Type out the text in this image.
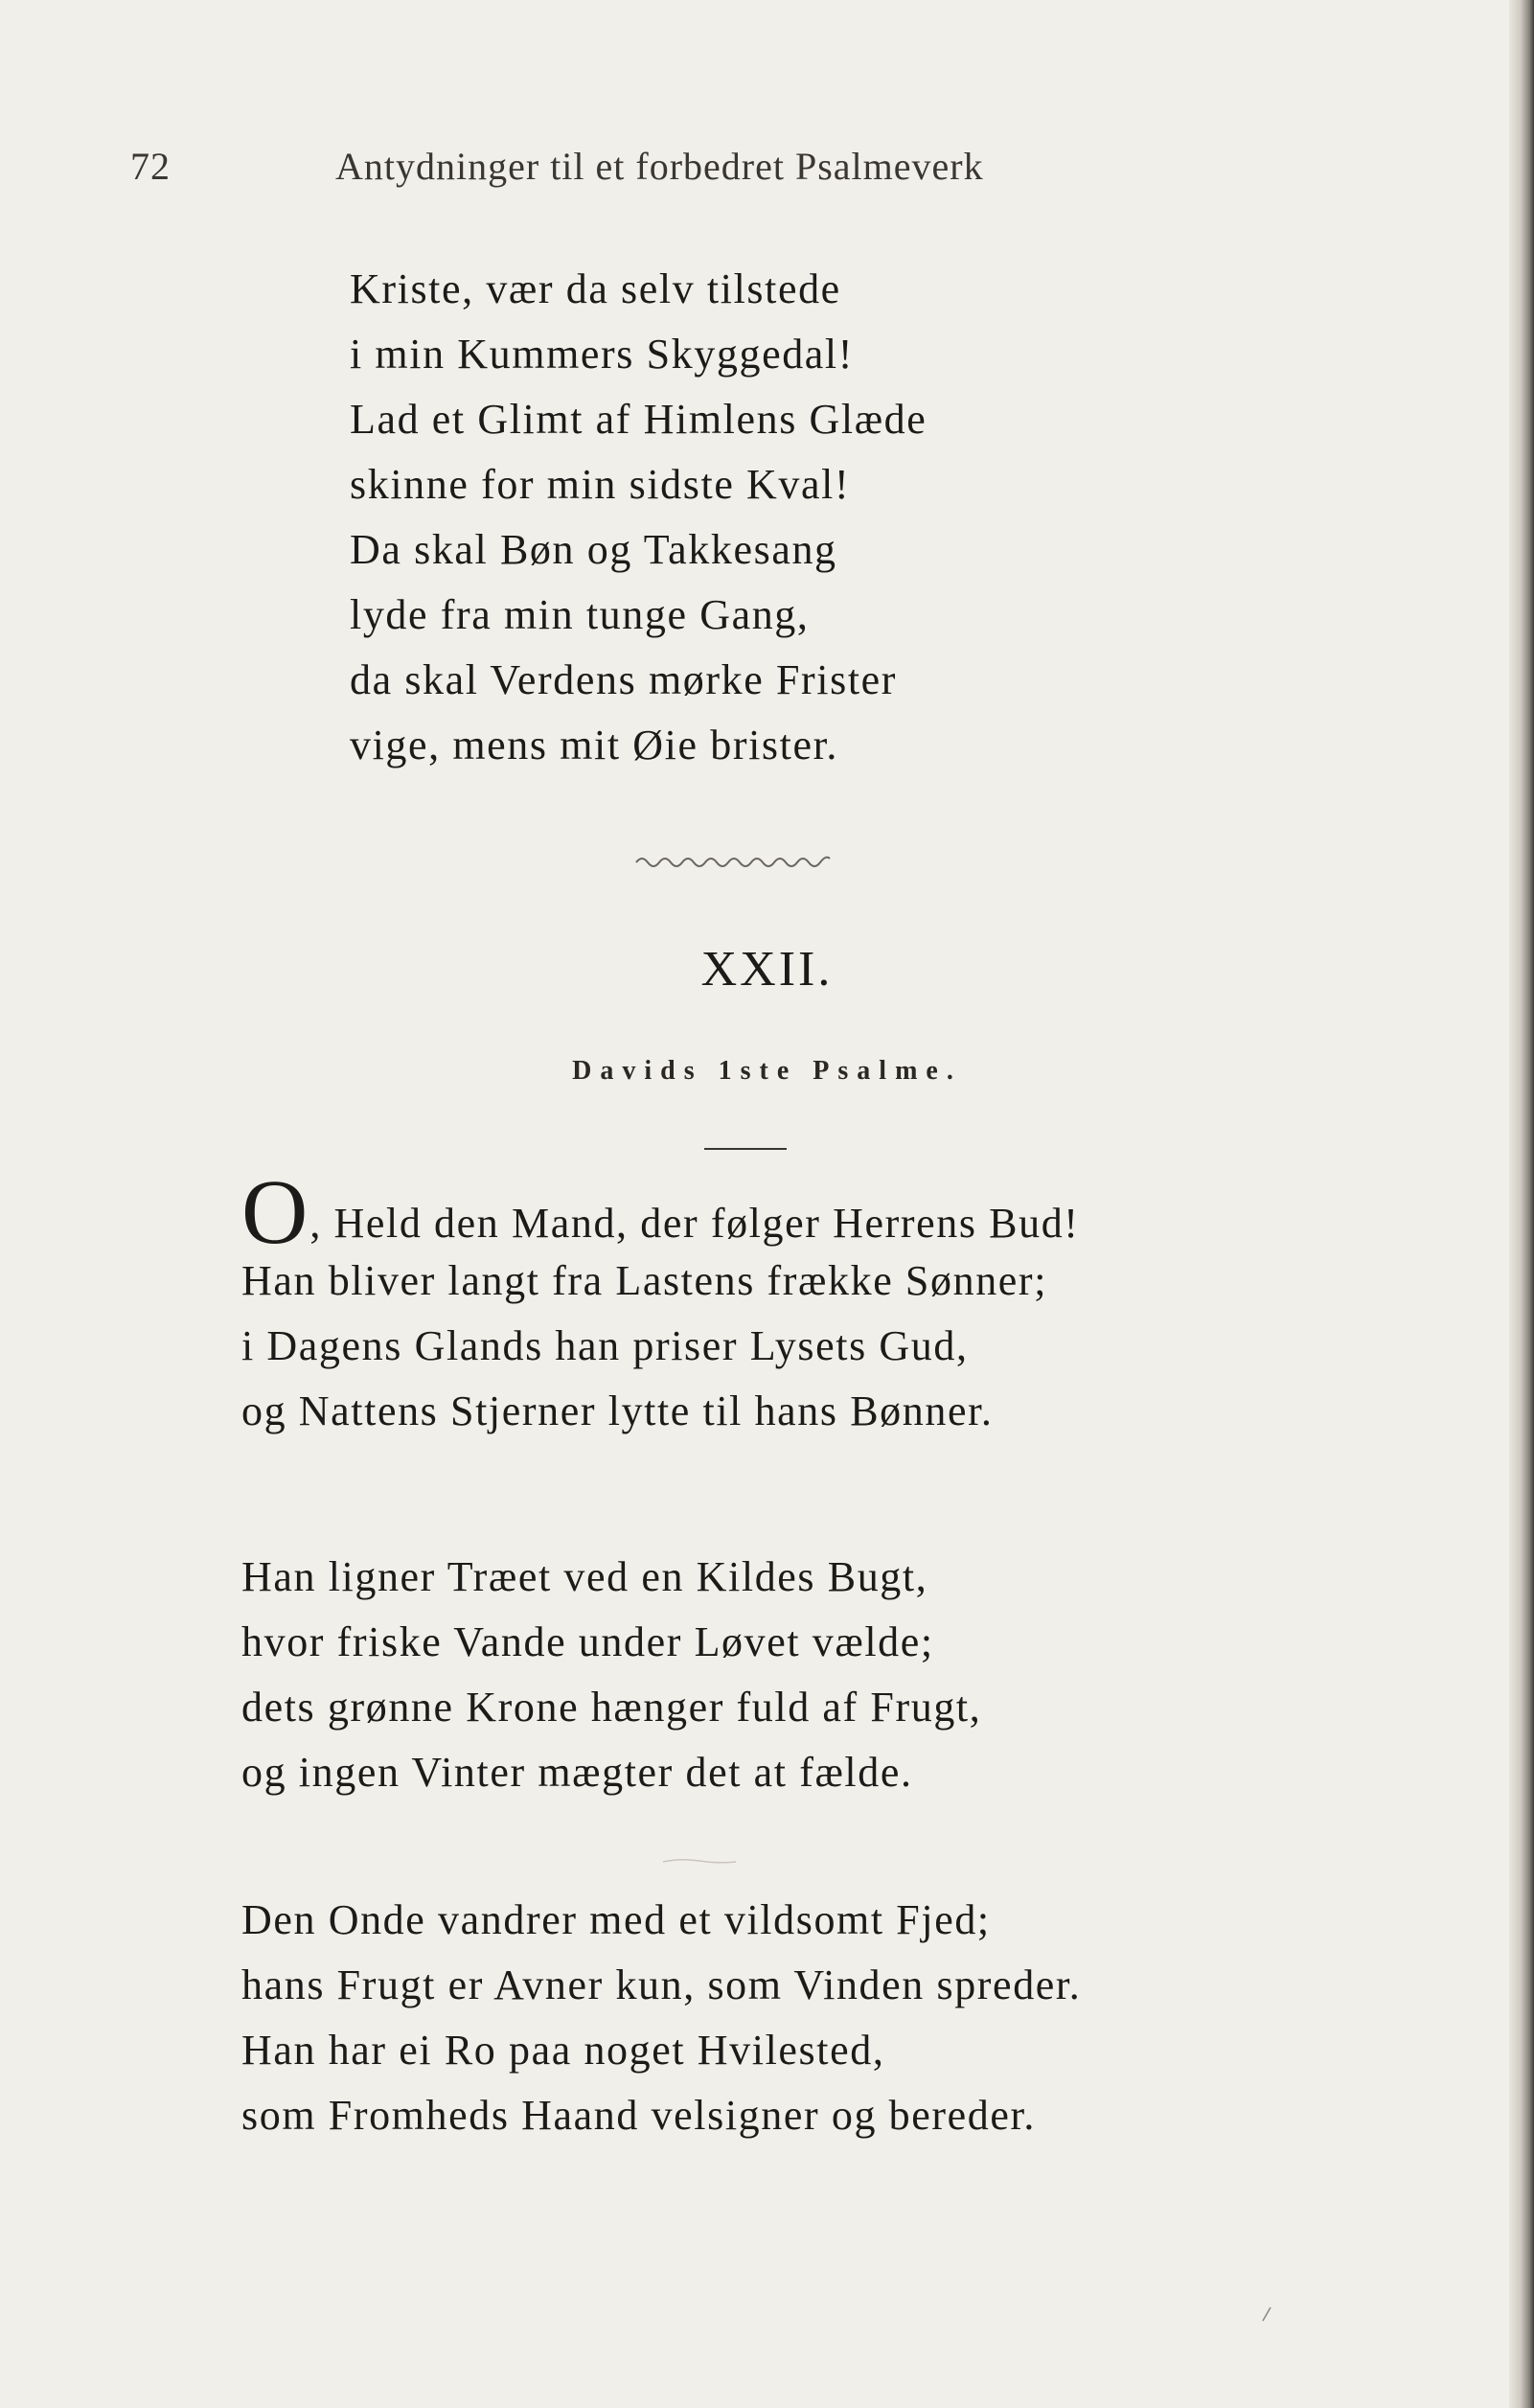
72	Antydninger til et forbedret Psalmeverk
Kriste, vær da selv tilstede
i min Kummers Skyggedal!
Lad et Glimt af Himlens Glæde
skinne for min sidste Kval!
Da skal Bøn og Takkesang
lyde fra min tunge Gang,
da skal Verdens mørke Frister
vige, mens mit Øie brister.
XXII.
Davids 1ste Psalme.
O, Held den Mand, der følger Herrens Bud!
Han bliver langt fra Lastens frække Sønner;
i Dagens Glands han priser Lysets Gud,
og Nattens Stjerner lytte til hans Bønner.
Han ligner Træet ved en Kildes Bugt,
hvor friske Vande under Løvet vælde;
dets grønne Krone hænger fuld af Frugt,
og ingen Vinter mægter det at fælde.
Den Onde vandrer med et vildsomt Fjed;
hans Frugt er Avner kun, som Vinden spreder.
Han har ei Ro paa noget Hvilested,
som Fromheds Haand velsigner og bereder.
